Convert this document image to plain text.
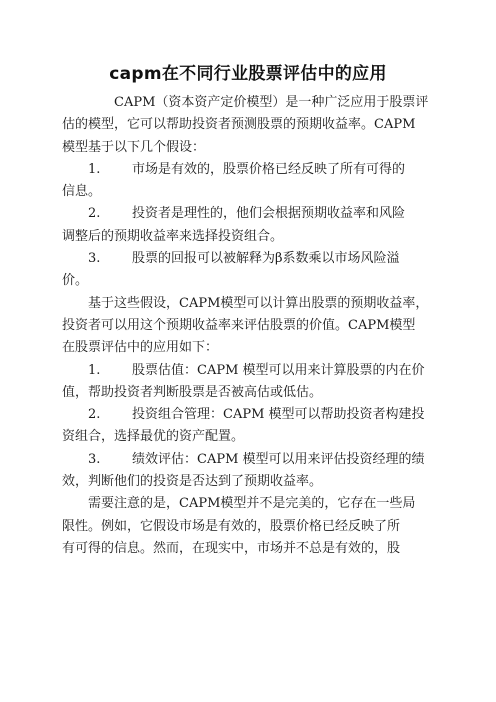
capm在不同行业股票评估中的应用
CAPM（资本资产定价模型）是一种广泛应用于股票评
估的模型，它可以帮助投资者预测股票的预期收益率。CAPM
模型基于以下几个假设：
1. 市场是有效的，股票价格已经反映了所有可得的
信息。
2. 投资者是理性的，他们会根据预期收益率和风险
调整后的预期收益率来选择投资组合。
3. 股票的回报可以被解释为β系数乘以市场风险溢
价。
基于这些假设，CAPM模型可以计算出股票的预期收益率，
投资者可以用这个预期收益率来评估股票的价值。CAPM模型
在股票评估中的应用如下：
1. 股票估值：CAPM 模型可以用来计算股票的内在价
值，帮助投资者判断股票是否被高估或低估。
2. 投资组合管理：CAPM 模型可以帮助投资者构建投
资组合，选择最优的资产配置。
3. 绩效评估：CAPM 模型可以用来评估投资经理的绩
效，判断他们的投资是否达到了预期收益率。
需要注意的是，CAPM模型并不是完美的，它存在一些局
限性。例如，它假设市场是有效的，股票价格已经反映了所
有可得的信息。然而，在现实中，市场并不总是有效的，股
